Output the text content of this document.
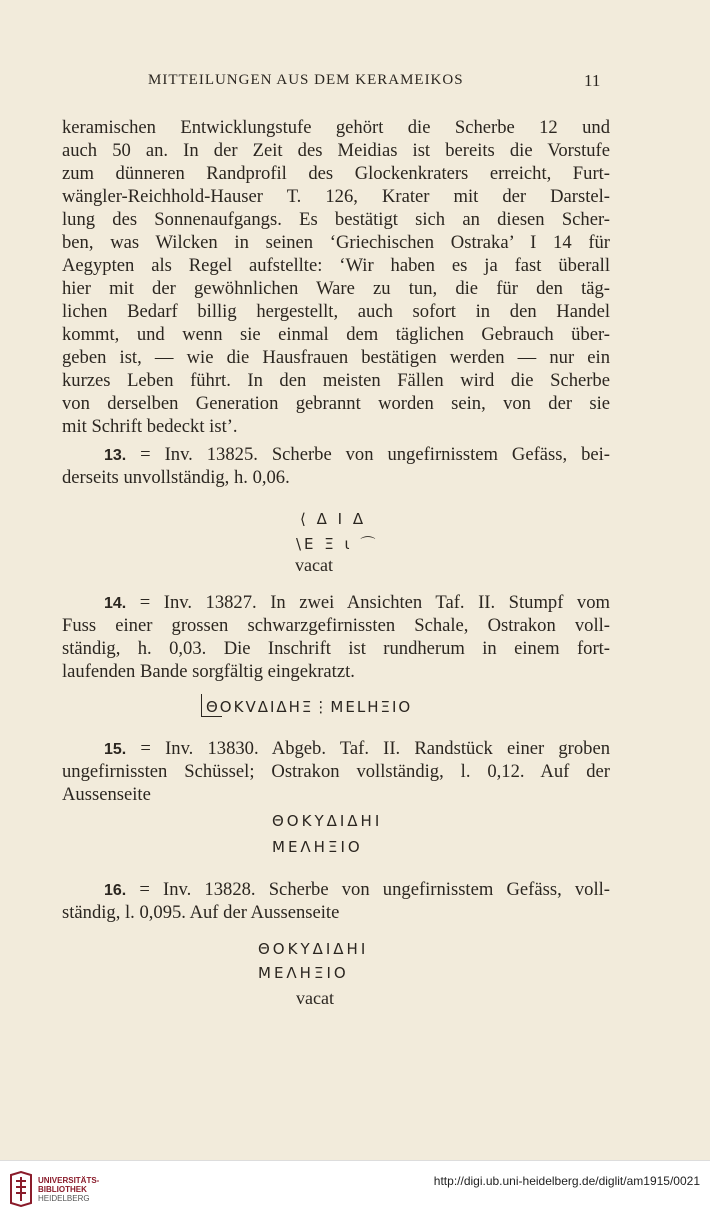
MITTEILUNGEN AUS DEM KERAMEIKOS	11
keramischen Entwicklungstufe gehört die Scherbe 12 und
auch 50 an. In der Zeit des Meidias ist bereits die Vorstufe
zum dünneren Randprofil des Glockenkraters erreicht, Furt-
wängler-Reichhold-Hauser T. 126, Krater mit der Darstel-
lung des Sonnenaufgangs. Es bestätigt sich an diesen Scher-
ben, was Wilcken in seinen ‘Griechischen Ostraka’ I 14 für
Aegypten als Regel aufstellte: ‘Wir haben es ja fast überall
hier mit der gewöhnlichen Ware zu tun, die für den täg-
lichen Bedarf billig hergestellt, auch sofort in den Handel
kommt, und wenn sie einmal dem täglichen Gebrauch über-
geben ist, — wie die Hausfrauen bestätigen werden — nur ein
kurzes Leben führt. In den meisten Fällen wird die Scherbe
von derselben Generation gebrannt worden sein, von der sie
mit Schrift bedeckt ist’.
13. = Inv. 13825. Scherbe von ungefirnisstem Gefäss, bei-
derseits unvollständig, h. 0,06.
⟨ Δ Ι Δ
\Ε Ξ ι ⌒
vacat
14. = Inv. 13827. In zwei Ansichten Taf. II. Stumpf vom
Fuss einer grossen schwarzgefirnissten Schale, Ostrakon voll-
ständig, h. 0,03. Die Inschrift ist rundherum in einem fort-
laufenden Bande sorgfältig eingekratzt.
ΘΟΚVΔΙΔΗΞ⋮ΜΕLΗΞΙΟ
15. = Inv. 13830. Abgeb. Taf. II. Randstück einer groben
ungefirnissten Schüssel; Ostrakon vollständig, l. 0,12. Auf der
Aussenseite
ΘΟΚΥΔΙΔΗΙ
ΜΕΛΗΞΙΟ
16. = Inv. 13828. Scherbe von ungefirnisstem Gefäss, voll-
ständig, l. 0,095. Auf der Aussenseite
ΘΟΚΥΔΙΔΗΙ
ΜΕΛΗΞΙΟ
vacat
UNIVERSITÄTS-
BIBLIOTHEK
HEIDELBERG
http://digi.ub.uni-heidelberg.de/diglit/am1915/0021
